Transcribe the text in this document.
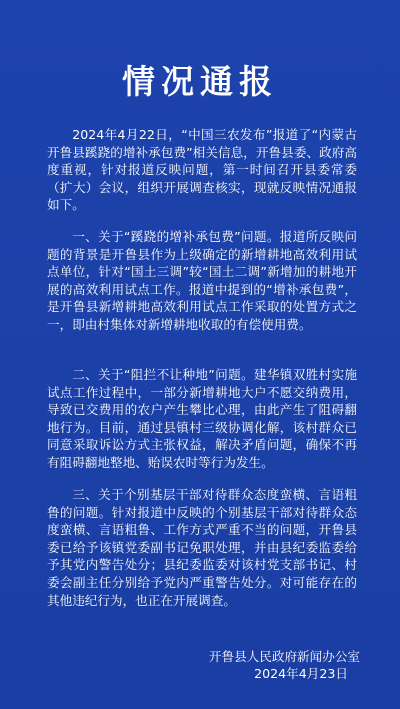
情况通报

2024年4月22日，“中国三农发布”报道了“内蒙古开鲁县蹊跷的增补承包费”相关信息，开鲁县委、政府高度重视，针对报道反映问题，第一时间召开县委常委（扩大）会议，组织开展调查核实，现就反映情况通报如下。

一、关于“蹊跷的增补承包费”问题。报道所反映问题的背景是开鲁县作为上级确定的新增耕地高效利用试点单位，针对“国土三调”较“国土二调”新增加的耕地开展的高效利用试点工作。报道中提到的“增补承包费”，是开鲁县新增耕地高效利用试点工作采取的处置方式之一，即由村集体对新增耕地收取的有偿使用费。

二、关于“阻拦不让种地”问题。建华镇双胜村实施试点工作过程中，一部分新增耕地大户不愿交纳费用，导致已交费用的农户产生攀比心理，由此产生了阻碍翻地行为。目前，通过县镇村三级协调化解，该村群众已同意采取诉讼方式主张权益，解决矛盾问题，确保不再有阻碍翻地整地、贻误农时等行为发生。

三、关于个别基层干部对待群众态度蛮横、言语粗鲁的问题。针对报道中反映的个别基层干部对待群众态度蛮横、言语粗鲁、工作方式严重不当的问题，开鲁县委已给予该镇党委副书记免职处理，并由县纪委监委给予其党内警告处分；县纪委监委对该村党支部书记、村委会副主任分别给予党内严重警告处分。对可能存在的其他违纪行为，也正在开展调查。

开鲁县人民政府新闻办公室
2024年4月23日
